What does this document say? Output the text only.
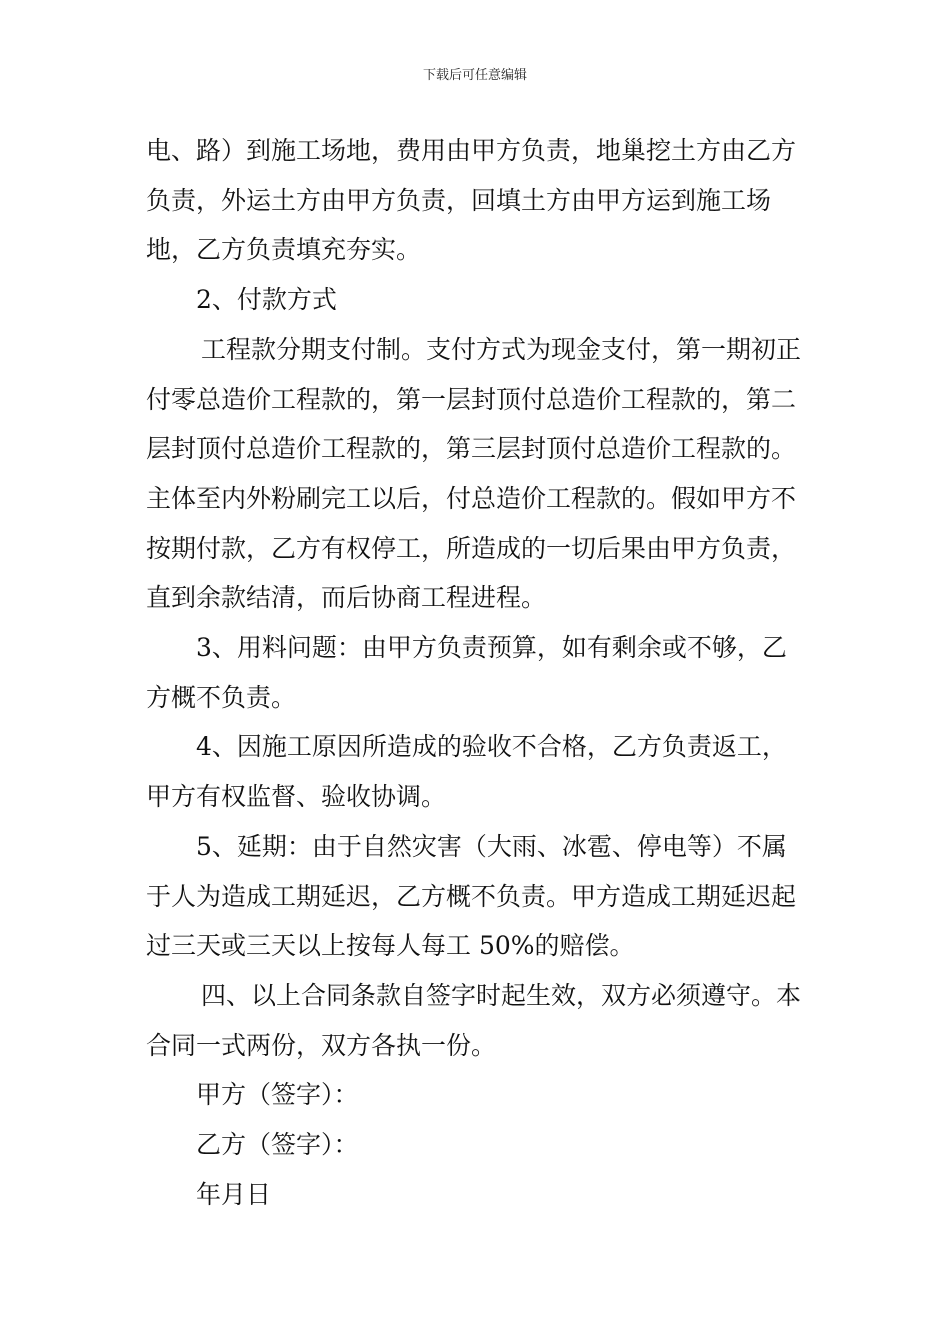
下载后可任意编辑

电、路）到施工场地，费用由甲方负责，地巢挖土方由乙方负责，外运土方由甲方负责，回填土方由甲方运到施工场地，乙方负责填充夯实。

2、付款方式

工程款分期支付制。支付方式为现金支付，第一期初正付零总造价工程款的，第一层封顶付总造价工程款的，第二层封顶付总造价工程款的，第三层封顶付总造价工程款的。主体至内外粉刷完工以后，付总造价工程款的。假如甲方不按期付款，乙方有权停工，所造成的一切后果由甲方负责，直到余款结清，而后协商工程进程。

3、用料问题：由甲方负责预算，如有剩余或不够，乙方概不负责。

4、因施工原因所造成的验收不合格，乙方负责返工，甲方有权监督、验收协调。

5、延期：由于自然灾害（大雨、冰雹、停电等）不属于人为造成工期延迟，乙方概不负责。甲方造成工期延迟起过三天或三天以上按每人每工 50%的赔偿。

四、以上合同条款自签字时起生效，双方必须遵守。本合同一式两份，双方各执一份。

甲方（签字）：

乙方（签字）：

年月日
